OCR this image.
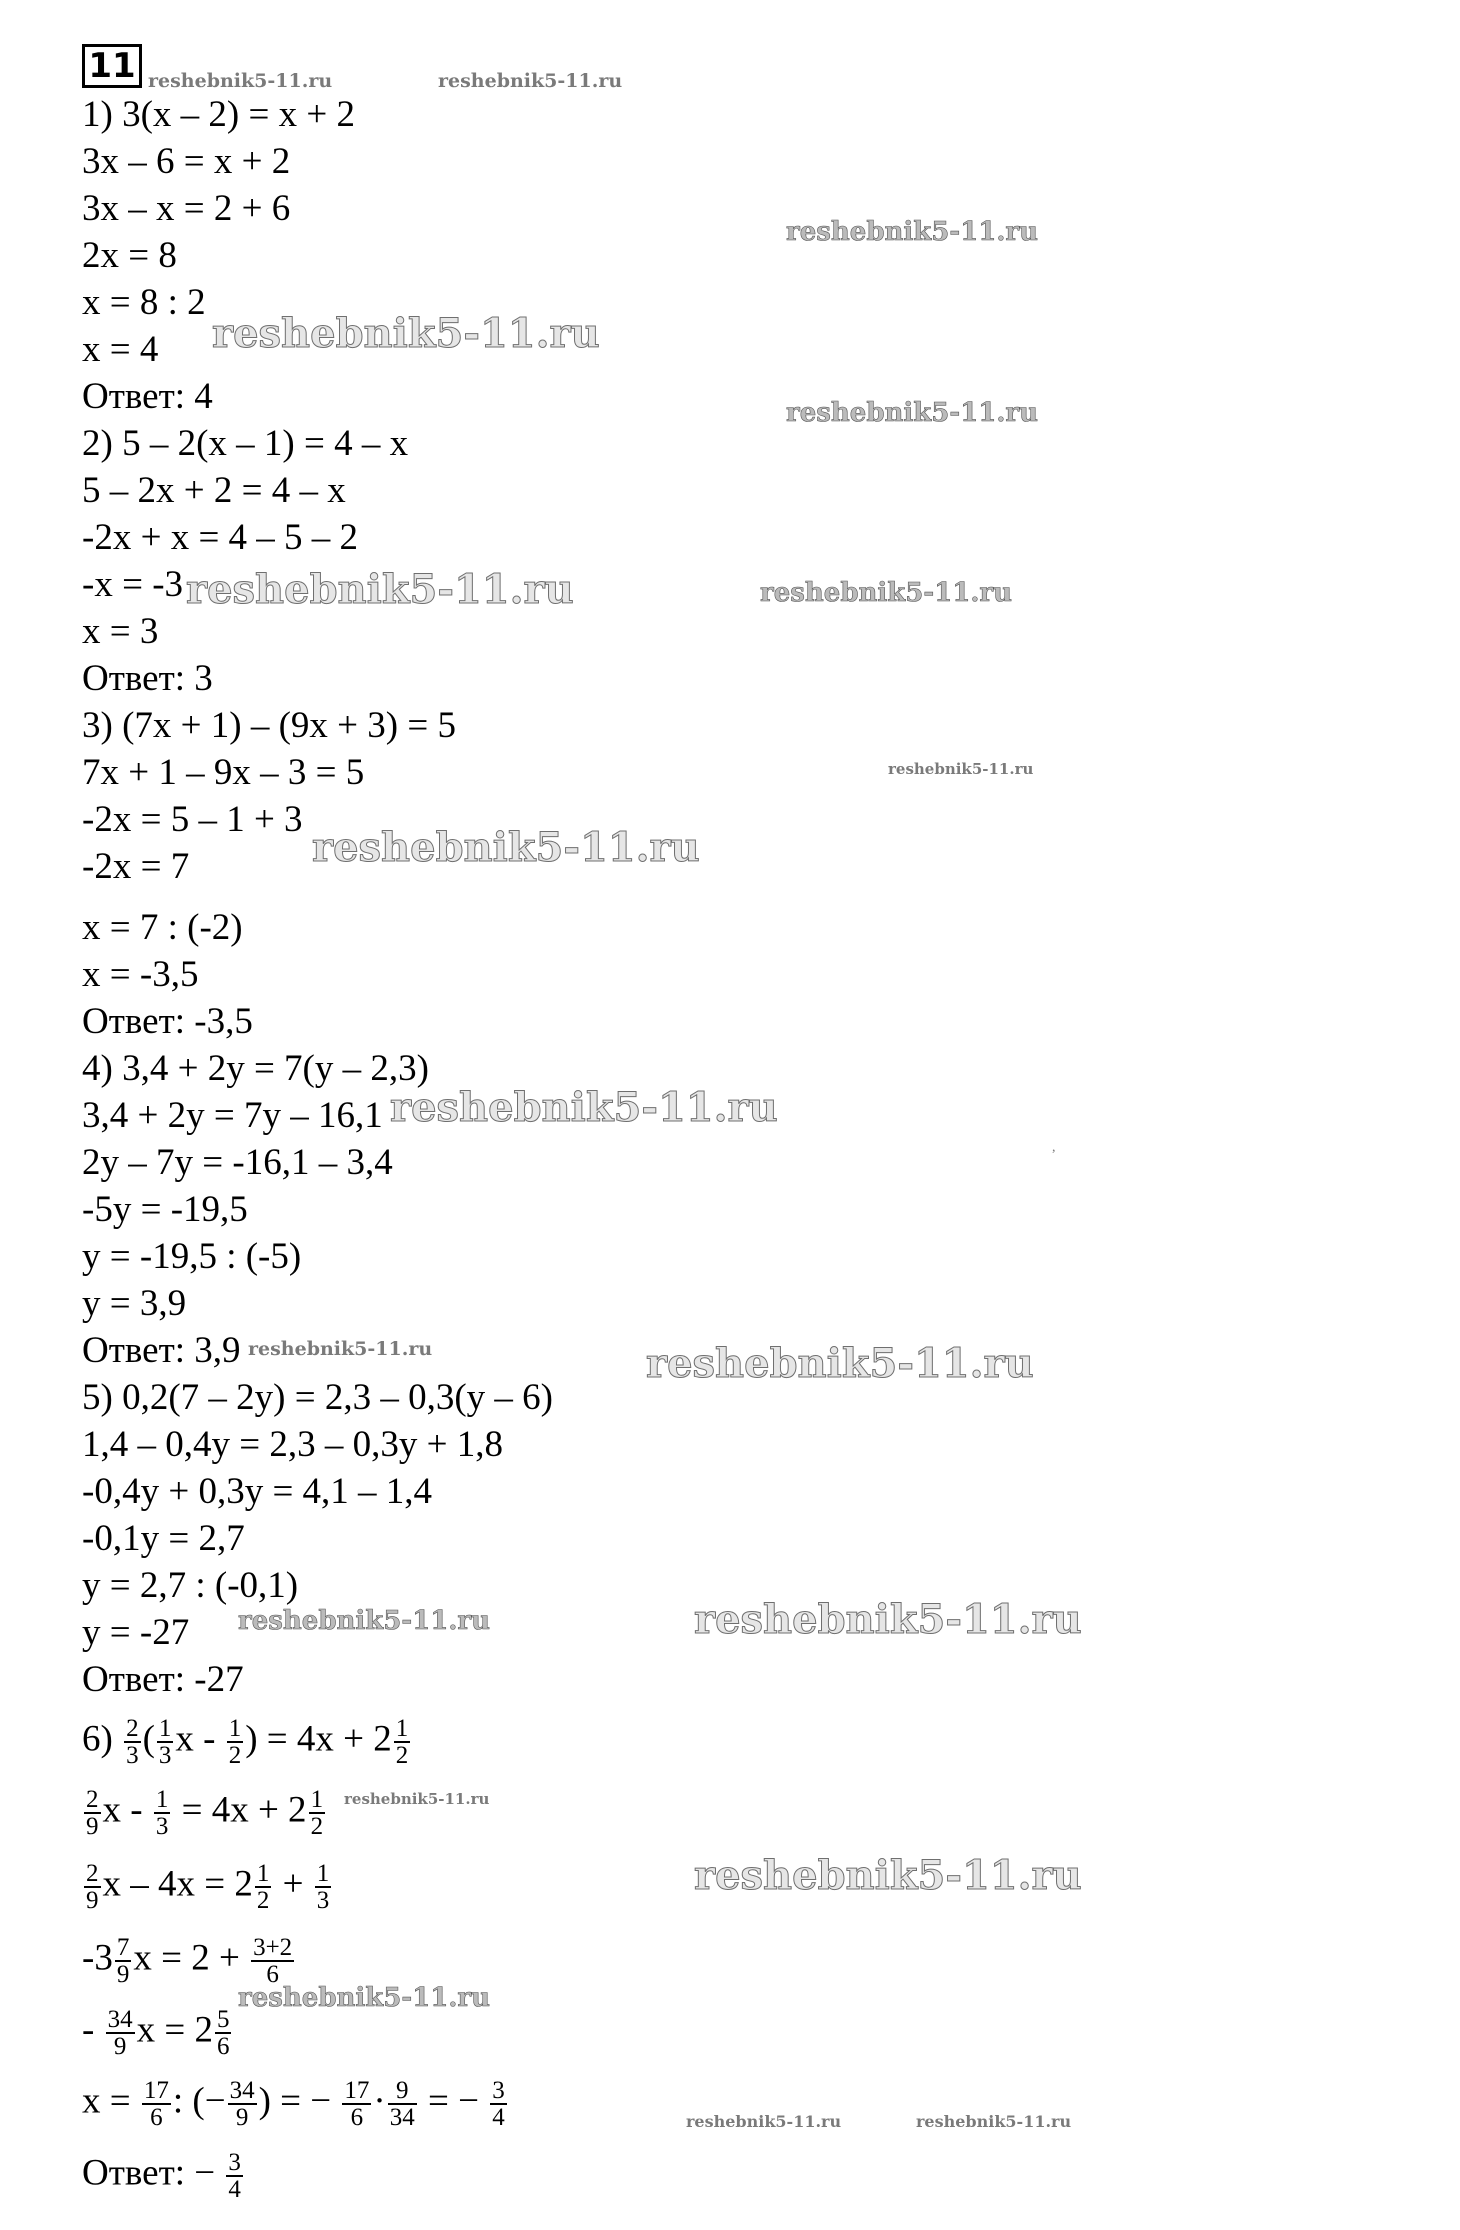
11
1) 3(x – 2) = x + 2
3x – 6 = x + 2
3x – x = 2 + 6
2x = 8
x = 8 : 2
x = 4
Ответ: 4
2) 5 – 2(x – 1) = 4 – x
5 – 2x + 2 = 4 – x
-2x + x = 4 – 5 – 2
-x = -3
x = 3
Ответ: 3
3) (7x + 1) – (9x + 3) = 5
7x + 1 – 9x – 3 = 5
-2x = 5 – 1 + 3
-2x = 7
x = 7 : (-2)
x = -3,5
Ответ: -3,5
4) 3,4 + 2y = 7(y – 2,3)
3,4 + 2y = 7y – 16,1
2y – 7y = -16,1 – 3,4
-5y = -19,5
y = -19,5 : (-5)
y = 3,9
Ответ: 3,9
5) 0,2(7 – 2y) = 2,3 – 0,3(y – 6)
1,4 – 0,4y = 2,3 – 0,3y + 1,8
-0,4y + 0,3y = 4,1 – 1,4
-0,1y = 2,7
y = 2,7 : (-0,1)
y = -27
Ответ: -27
$6) \frac{2}{3}$ ( $\frac{1}{3}$ x - $\frac{1}{2}$ ) = $4x + 2 \frac{1}{2}$
$\frac{2}{9}$ $x - \frac{1}{3} = 4x + 2 \frac{1}{2}$
$\frac{2}{9}$ $x - 4x = 2 \frac{1}{2} + \frac{1}{3}$
$-3 \frac{7}{9}$ $x = 2 + \frac{3+2}{6}$
- $\frac{34}{9}$ $x = 2 \frac{5}{6}$
$x = \frac{17}{6}$ : (− $\frac{34}{9}$ ) = − $\frac{17}{6} \cdot \frac{9}{34}$ = − $\frac{3}{4}$
Ответ: − $\frac{3}{4}$
reshebnik5-11.ru	reshebnik5-11.ru
reshebnik5-11.ru
reshebnik5-11.ru
reshebnik5-11.ru
reshebnik5-11.ru	reshebnik5-11.ru
reshebnik5-11.ru
reshebnik5-11.ru
reshebnik5-11.ru
reshebnik5-11.ru	reshebnik5-11.ru
reshebnik5-11.ru	reshebnik5-11.ru
reshebnik5-11.ru
reshebnik5-11.ru
reshebnik5-11.ru
reshebnik5-11.ru	reshebnik5-11.ru
,
